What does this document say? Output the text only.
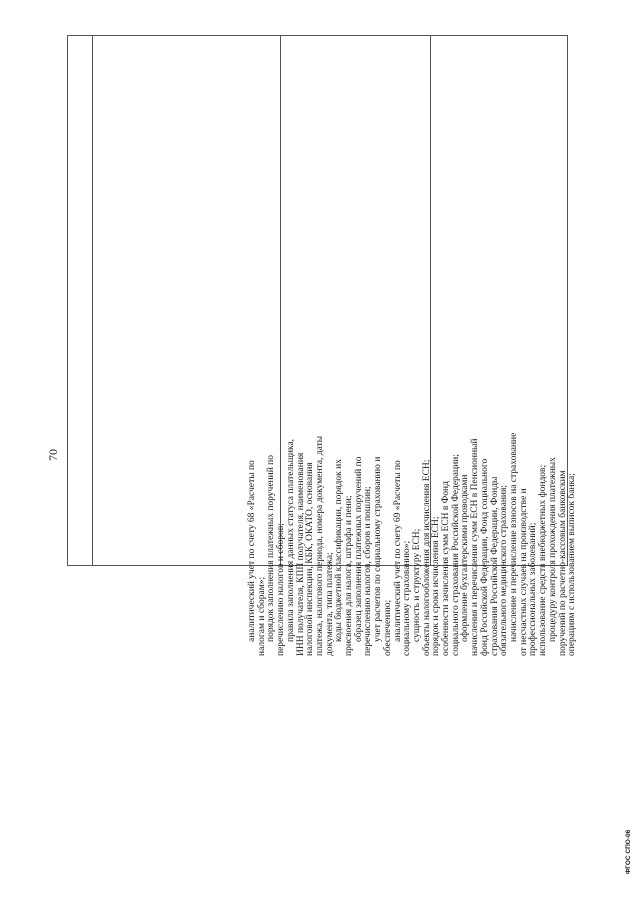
70
аналитический учет по счету 68 «Расчеты по налогам и сборам»; порядок заполнения платежных поручений по перечислению налогов и сборов; правила заполнения данных статуса плательщика, ИНН получателя, КПП получателя, наименования налоговой инспекции, КБК, ОКАТО, основания платежа, налогового периода, номера документа, даты документа, типа платежа; коды бюджетной классификации, порядок их присвоения для налога, штрафа и пени; образец заполнения платежных поручений по перечислению налогов, сборов и пошлин; учет расчетов по социальному страхованию и обеспечению; аналитический учет по счету 69 «Расчеты по социальному страхованию»; сущность и структуру ЕСН; объекты налогообложения для исчисления ЕСН; порядок и сроки исчисления ЕСН; особенности зачисления сумм ЕСН в Фонд социального страхования Российской Федерации; оформление бухгалтерскими проводками начисления и перечисления сумм ЕСН в Пенсионный фонд Российской Федерации, Фонд социального страхования Российской Федерации, Фонды обязательного медицинского страхования; начисление и перечисление взносов на страхование от несчастных случаев на производстве и профессиональных заболеваний; использование средств внебюджетных фондов; процедуру контроля прохождения платежных поручений по расчетно-кассовым банковским операциям с использованием выписок банка;
ФГОС СПО-06
